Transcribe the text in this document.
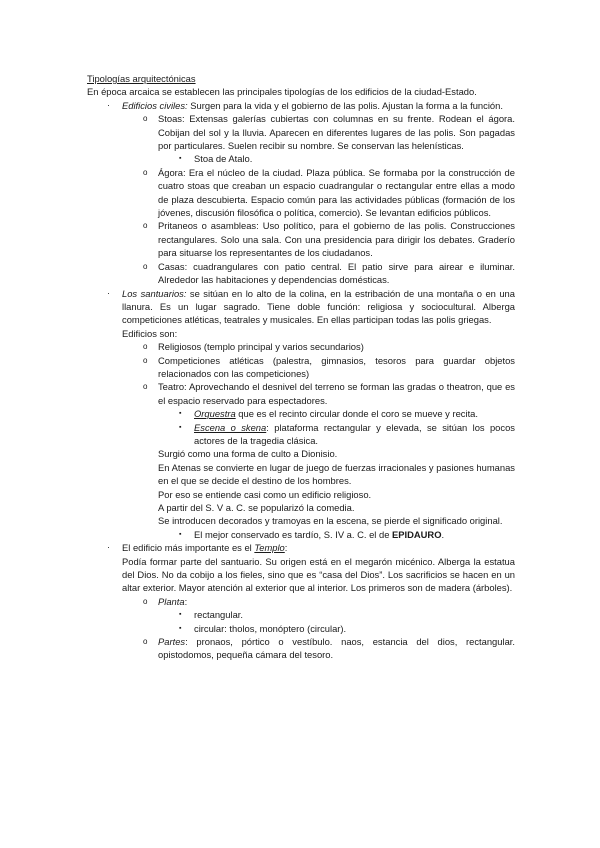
Tipologías arquitectónicas

En época arcaica se establecen las principales tipologías de los edificios de la ciudad-Estado.

·	Edificios civiles: Surgen para la vida y el gobierno de las polis. Ajustan la forma a la función.

o	Stoas: Extensas galerías cubiertas con columnas en su frente. Rodean el ágora. Cobijan del sol y la lluvia. Aparecen en diferentes lugares de las polis. Son pagadas por particulares. Suelen recibir su nombre. Se conservan las helenísticas.

▪	Stoa de Atalo.

o	Ágora: Era el núcleo de la ciudad. Plaza pública. Se formaba por la construcción de cuatro stoas que creaban un espacio cuadrangular o rectangular entre ellas a modo de plaza descubierta. Espacio común para las actividades públicas (formación de los jóvenes, discusión filosófica o política, comercio). Se levantan edificios públicos.

o	Pritaneos o asambleas: Uso político, para el gobierno de las polis. Construcciones rectangulares. Solo una sala. Con una presidencia para dirigir los debates. Graderío para situarse los representantes de los ciudadanos.

o	Casas: cuadrangulares con patio central. El patio sirve para airear e iluminar. Alrededor las habitaciones y dependencias domésticas.

·	Los santuarios: se sitúan en lo alto de la colina, en la estribación de una montaña o en una llanura. Es un lugar sagrado. Tiene doble función: religiosa y sociocultural. Alberga competiciones atléticas, teatrales y musicales. En ellas participan todas las polis griegas.

Edificios son:

o	Religiosos (templo principal y varios secundarios)

o	Competiciones atléticas (palestra, gimnasios, tesoros para guardar objetos relacionados con las competiciones)

o	Teatro: Aprovechando el desnivel del terreno se forman las gradas o theatron, que es el espacio reservado para espectadores.

▪	Orquestra que es el recinto circular donde el coro se mueve y recita.

▪	Escena o skena: plataforma rectangular y elevada, se sitúan los pocos actores de la tragedia clásica.

Surgió como una forma de culto a Dionisio.

En Atenas se convierte en lugar de juego de fuerzas irracionales y pasiones humanas en el que se decide el destino de los hombres.

Por eso se entiende casi como un edificio religioso.

A partir del S. V a. C. se popularizó la comedia.

Se introducen decorados y tramoyas en la escena, se pierde el significado original.

▪	El mejor conservado es tardío, S. IV a. C. el de EPIDAURO.

·	El edificio más importante es el Templo:

Podía formar parte del santuario. Su origen está en el megarón micénico. Alberga la estatua del Dios. No da cobijo a los fieles, sino que es “casa del Dios”. Los sacrificios se hacen en un altar exterior. Mayor atención al exterior que al interior. Los primeros son de madera (árboles).

o	Planta:

▪	rectangular.

▪	circular: tholos, monóptero (circular).

o	Partes: pronaos, pórtico o vestíbulo. naos, estancia del dios, rectangular. opistodomos, pequeña cámara del tesoro.
